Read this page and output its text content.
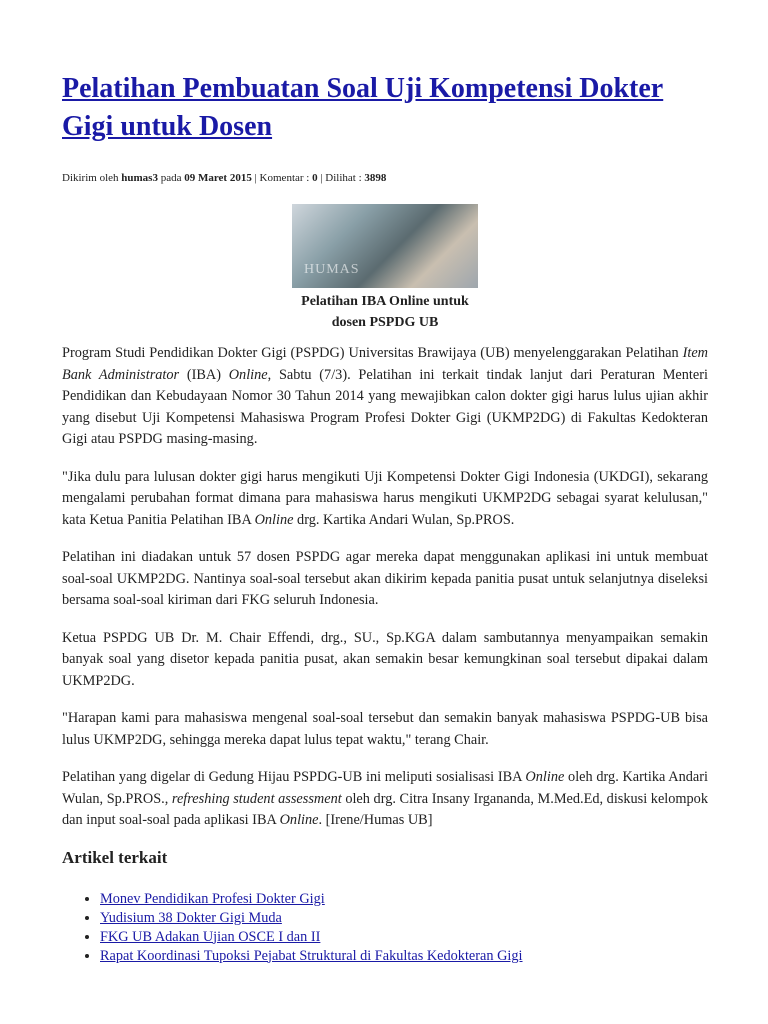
Pelatihan Pembuatan Soal Uji Kompetensi Dokter Gigi untuk Dosen
Dikirim oleh humas3 pada 09 Maret 2015 | Komentar : 0 | Dilihat : 3898
HUMAS
Pelatihan IBA Online untuk dosen PSPDG UB

Program Studi Pendidikan Dokter Gigi (PSPDG) Universitas Brawijaya (UB) menyelenggarakan Pelatihan Item Bank Administrator (IBA) Online, Sabtu (7/3). Pelatihan ini terkait tindak lanjut dari Peraturan Menteri Pendidikan dan Kebudayaan Nomor 30 Tahun 2014 yang mewajibkan calon dokter gigi harus lulus ujian akhir yang disebut Uji Kompetensi Mahasiswa Program Profesi Dokter Gigi (UKMP2DG) di Fakultas Kedokteran Gigi atau PSPDG masing-masing.

"Jika dulu para lulusan dokter gigi harus mengikuti Uji Kompetensi Dokter Gigi Indonesia (UKDGI), sekarang mengalami perubahan format dimana para mahasiswa harus mengikuti UKMP2DG sebagai syarat kelulusan," kata Ketua Panitia Pelatihan IBA Online drg. Kartika Andari Wulan, Sp.PROS.

Pelatihan ini diadakan untuk 57 dosen PSPDG agar mereka dapat menggunakan aplikasi ini untuk membuat soal-soal UKMP2DG. Nantinya soal-soal tersebut akan dikirim kepada panitia pusat untuk selanjutnya diseleksi bersama soal-soal kiriman dari FKG seluruh Indonesia.

Ketua PSPDG UB Dr. M. Chair Effendi, drg., SU., Sp.KGA dalam sambutannya menyampaikan semakin banyak soal yang disetor kepada panitia pusat, akan semakin besar kemungkinan soal tersebut dipakai dalam UKMP2DG.

"Harapan kami para mahasiswa mengenal soal-soal tersebut dan semakin banyak mahasiswa PSPDG-UB bisa lulus UKMP2DG, sehingga mereka dapat lulus tepat waktu," terang Chair.

Pelatihan yang digelar di Gedung Hijau PSPDG-UB ini meliputi sosialisasi IBA Online oleh drg. Kartika Andari Wulan, Sp.PROS., refreshing student assessment oleh drg. Citra Insany Irganandа, M.Med.Ed, diskusi kelompok dan input soal-soal pada aplikasi IBA Online. [Irene/Humas UB]

Artikel terkait
• Monev Pendidikan Profesi Dokter Gigi
• Yudisium 38 Dokter Gigi Muda
• FKG UB Adakan Ujian OSCE I dan II
• Rapat Koordinasi Tupoksi Pejabat Struktural di Fakultas Kedokteran Gigi
